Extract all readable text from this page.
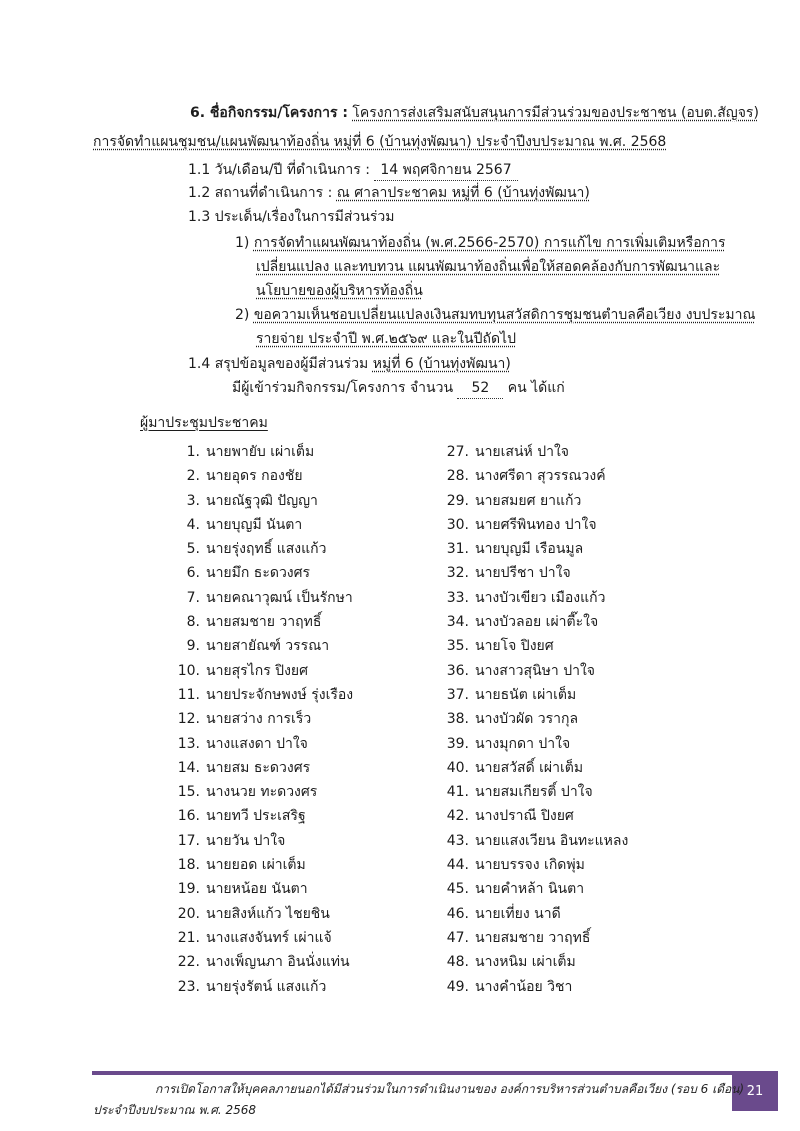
6. ชื่อกิจกรรม/โครงการ : โครงการส่งเสริมสนับสนุนการมีส่วนร่วมของประชาชน (อบต.สัญจร)
การจัดทำแผนชุมชน/แผนพัฒนาท้องถิ่น หมู่ที่ 6 (บ้านทุ่งพัฒนา) ประจำปีงบประมาณ พ.ศ. 2568
1.1 วัน/เดือน/ปี ที่ดำเนินการ : 14 พฤศจิกายน 2567
1.2 สถานที่ดำเนินการ : ณ ศาลาประชาคม หมู่ที่ 6 (บ้านทุ่งพัฒนา)
1.3 ประเด็น/เรื่องในการมีส่วนร่วม
1) การจัดทำแผนพัฒนาท้องถิ่น (พ.ศ.2566-2570) การแก้ไข การเพิ่มเติมหรือการ
เปลี่ยนแปลง และทบทวน แผนพัฒนาท้องถิ่นเพื่อให้สอดคล้องกับการพัฒนาและ
นโยบายของผู้บริหารท้องถิ่น
2) ขอความเห็นชอบเปลี่ยนแปลงเงินสมทบทุนสวัสดิการชุมชนตำบลคือเวียง งบประมาณ
รายจ่าย ประจำปี พ.ศ.๒๕๖๙ และในปีถัดไป
1.4 สรุปข้อมูลของผู้มีส่วนร่วม หมู่ที่ 6 (บ้านทุ่งพัฒนา)
มีผู้เข้าร่วมกิจกรรม/โครงการ จำนวน 52 คน ได้แก่
ผู้มาประชุมประชาคม
1. นายพายับ เผ่าเต็ม
2. นายอุดร กองชัย
3. นายณัฐวุฒิ ปัญญา
4. นายบุญมี นันตา
5. นายรุ่งฤทธิ์ แสงแก้ว
6. นายมึก ธะดวงศร
7. นายคณาวุฒน์ เป็นรักษา
8. นายสมชาย วาฤทธิ์
9. นายสายัณฑ์ วรรณา
10. นายสุรไกร ปิงยศ
11. นายประจักษพงษ์ รุ่งเรือง
12. นายสว่าง การเร็ว
13. นางแสงดา ปาใจ
14. นายสม ธะดวงศร
15. นางนวย ทะดวงศร
16. นายทวี ประเสริฐ
17. นายวัน ปาใจ
18. นายยอด เผ่าเต็ม
19. นายหน้อย นันตา
20. นายสิงห์แก้ว ไชยชิน
21. นางแสงจันทร์ เผ่าแจ้
22. นางเพ็ญนภา อินนั่งแท่น
23. นายรุ่งรัตน์ แสงแก้ว
27. นายเสน่ห์ ปาใจ
28. นางศรีดา สุวรรณวงค์
29. นายสมยศ ยาแก้ว
30. นายศรีพินทอง ปาใจ
31. นายบุญมี เรือนมูล
32. นายปรีชา ปาใจ
33. นางบัวเขียว เมืองแก้ว
34. นางบัวลอย เผ่าตี๊ะใจ
35. นายโจ ปิงยศ
36. นางสาวสุนิษา ปาใจ
37. นายธนัต เผ่าเต็ม
38. นางบัวผัด วรากุล
39. นางมุกดา ปาใจ
40. นายสวัสดิ์ เผ่าเต็ม
41. นายสมเกียรติ์ ปาใจ
42. นางปราณี ปิงยศ
43. นายแสงเวียน อินทะแหลง
44. นายบรรจง เกิดพุ่ม
45. นายคำหล้า นินตา
46. นายเที่ยง นาดี
47. นายสมชาย วาฤทธิ์
48. นางหนิม เผ่าเต็ม
49. นางคำน้อย วิชา
21
การเปิดโอกาสให้บุคคลภายนอกได้มีส่วนร่วมในการดำเนินงานของ องค์การบริหารส่วนตำบลคือเวียง (รอบ 6 เดือน)
ประจำปีงบประมาณ พ.ศ. 2568
